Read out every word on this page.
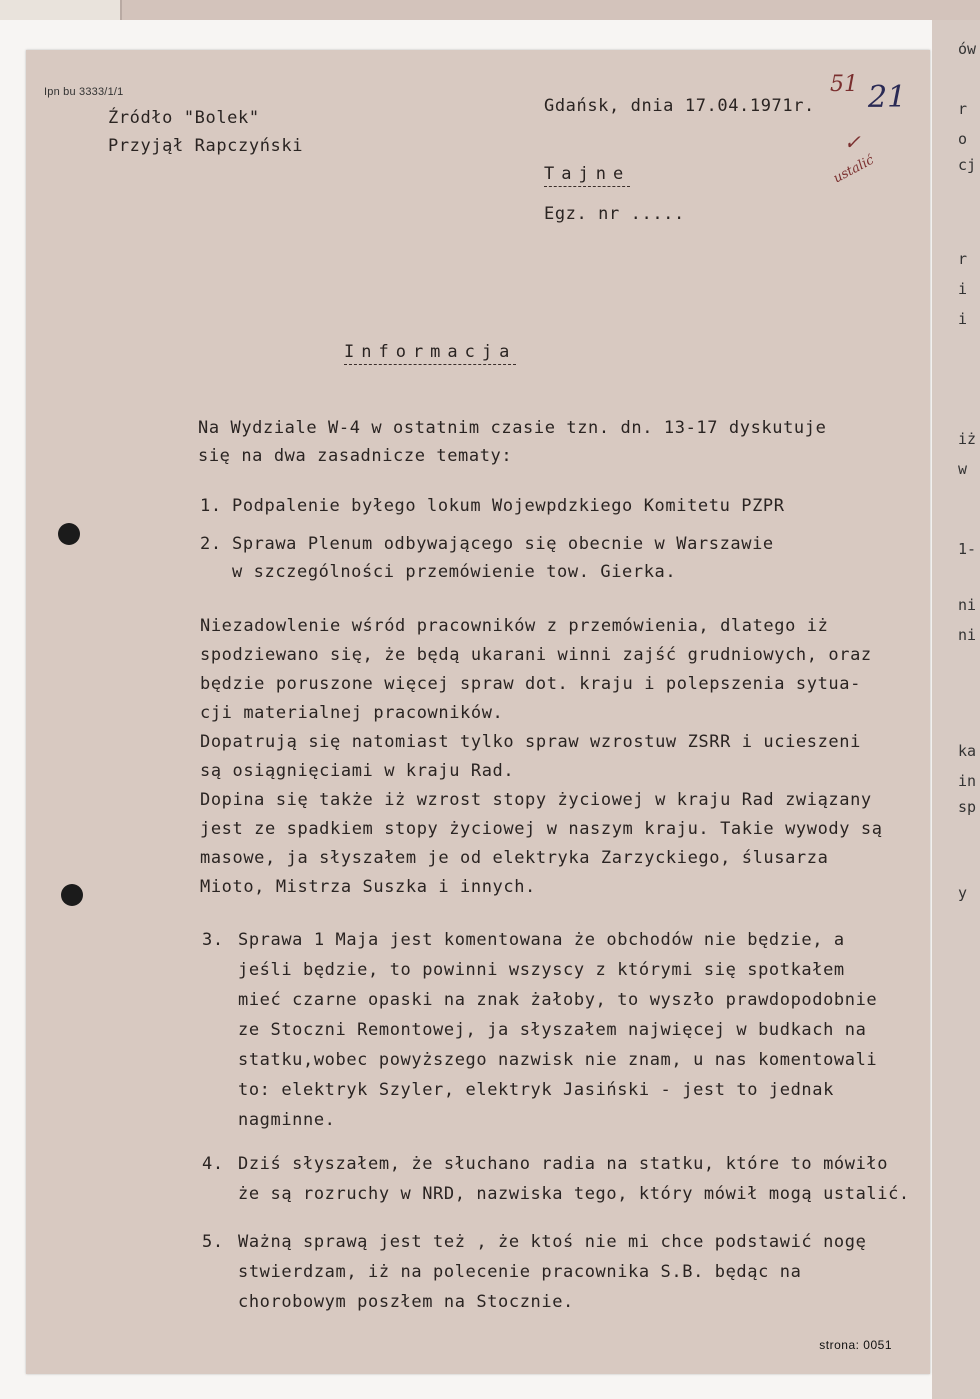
ów
r
o
cj
r
i
i
iż
w
1-
ni
ni
ka
in
sp
y
Ipn bu 3333/1/1
Źródło "Bolek"
Przyjął Rapczyński
Gdańsk, dnia 17.04.1971r.
Tajne
Egz. nr .....
51 21
✓
ustalić
Informacja
Na Wydziale W-4 w ostatnim czasie tzn. dn. 13-17 dyskutuje
się na dwa zasadnicze tematy:
1. Podpalenie byłego lokum Wojewpdzkiego Komitetu PZPR
2. Sprawa Plenum odbywającego się obecnie w Warszawie
w szczególności przemówienie tow. Gierka.
Niezadowlenie wśród pracowników z przemówienia, dlatego iż
spodziewano się, że będą ukarani winni zajść grudniowych, oraz
będzie poruszone więcej spraw dot. kraju i polepszenia sytua-
cji materialnej pracowników.
Dopatrują się natomiast tylko spraw wzrostuw ZSRR i ucieszeni
są osiągnięciami w kraju Rad.
Dopina się także iż wzrost stopy życiowej w kraju Rad związany
jest ze spadkiem stopy życiowej w naszym kraju. Takie wywody są
masowe, ja słyszałem je od elektryka Zarzyckiego, ślusarza
Mioto, Mistrza Suszka i innych.
3. Sprawa 1 Maja jest komentowana że obchodów nie będzie, a
jeśli będzie, to powinni wszyscy z którymi się spotkałem
mieć czarne opaski na znak żałoby, to wyszło prawdopodobnie
ze Stoczni Remontowej, ja słyszałem najwięcej w budkach na
statku,wobec powyższego nazwisk nie znam, u nas komentowali
to: elektryk Szyler, elektryk Jasiński - jest to jednak
nagminne.
4. Dziś słyszałem, że słuchano radia na statku, które to mówiło
że są rozruchy w NRD, nazwiska tego, który mówił mogą ustalić.
5. Ważną sprawą jest też , że ktoś nie mi chce podstawić nogę
stwierdzam, iż na polecenie pracownika S.B. będąc na
chorobowym poszłem na Stocznie.
strona: 0051
